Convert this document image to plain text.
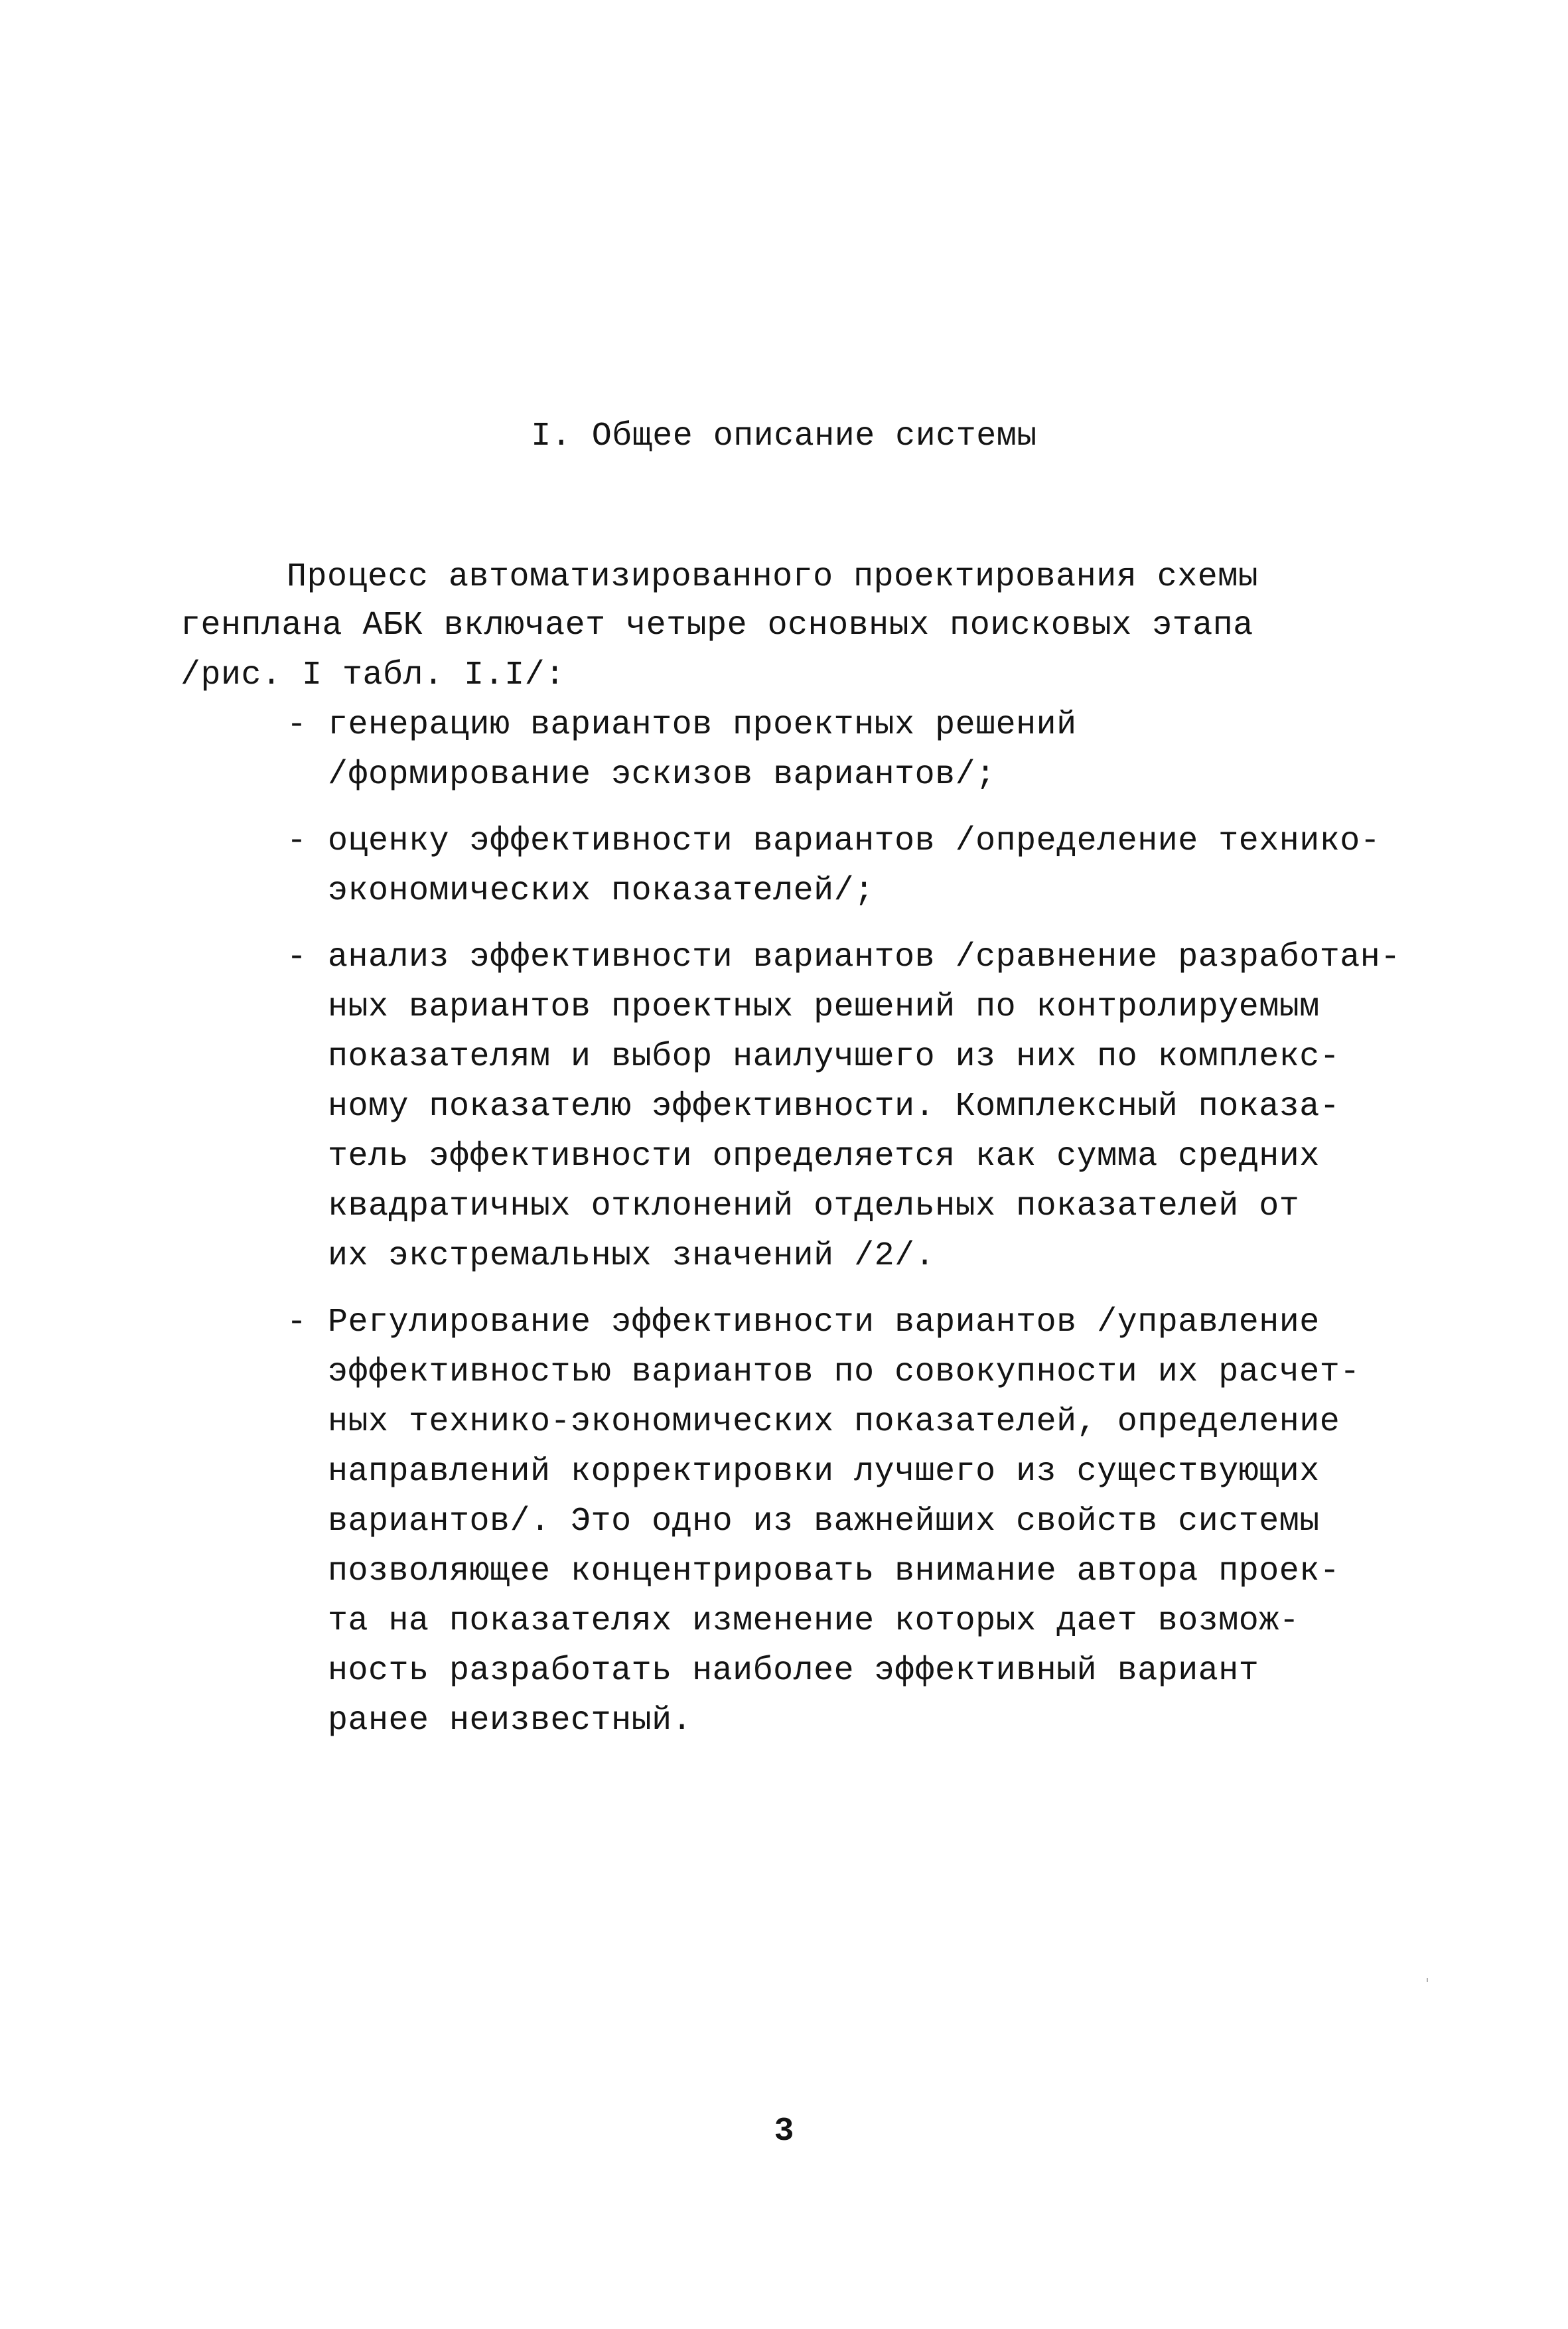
I. Общее описание системы
Процесс автоматизированного проектирования схемы
генплана АБК включает четыре основных поисковых этапа
/рис. I табл. I.I/:
- генерацию вариантов проектных решений
/формирование эскизов вариантов/;
- оценку эффективности вариантов /определение технико-
экономических показателей/;
- анализ эффективности вариантов /сравнение разработан-
ных вариантов проектных решений по контролируемым
показателям и выбор наилучшего из них по комплекс-
ному показателю эффективности. Комплексный показа-
тель эффективности определяется как сумма средних
квадратичных отклонений отдельных показателей от
их экстремальных значений /2/.
- Регулирование эффективности вариантов /управление
эффективностью вариантов по совокупности их расчет-
ных технико-экономических показателей, определение
направлений корректировки лучшего из существующих
вариантов/. Это одно из важнейших свойств системы
позволяющее концентрировать внимание автора проек-
та на показателях изменение которых дает возмож-
ность разработать наиболее эффективный вариант
ранее неизвестный.
3
